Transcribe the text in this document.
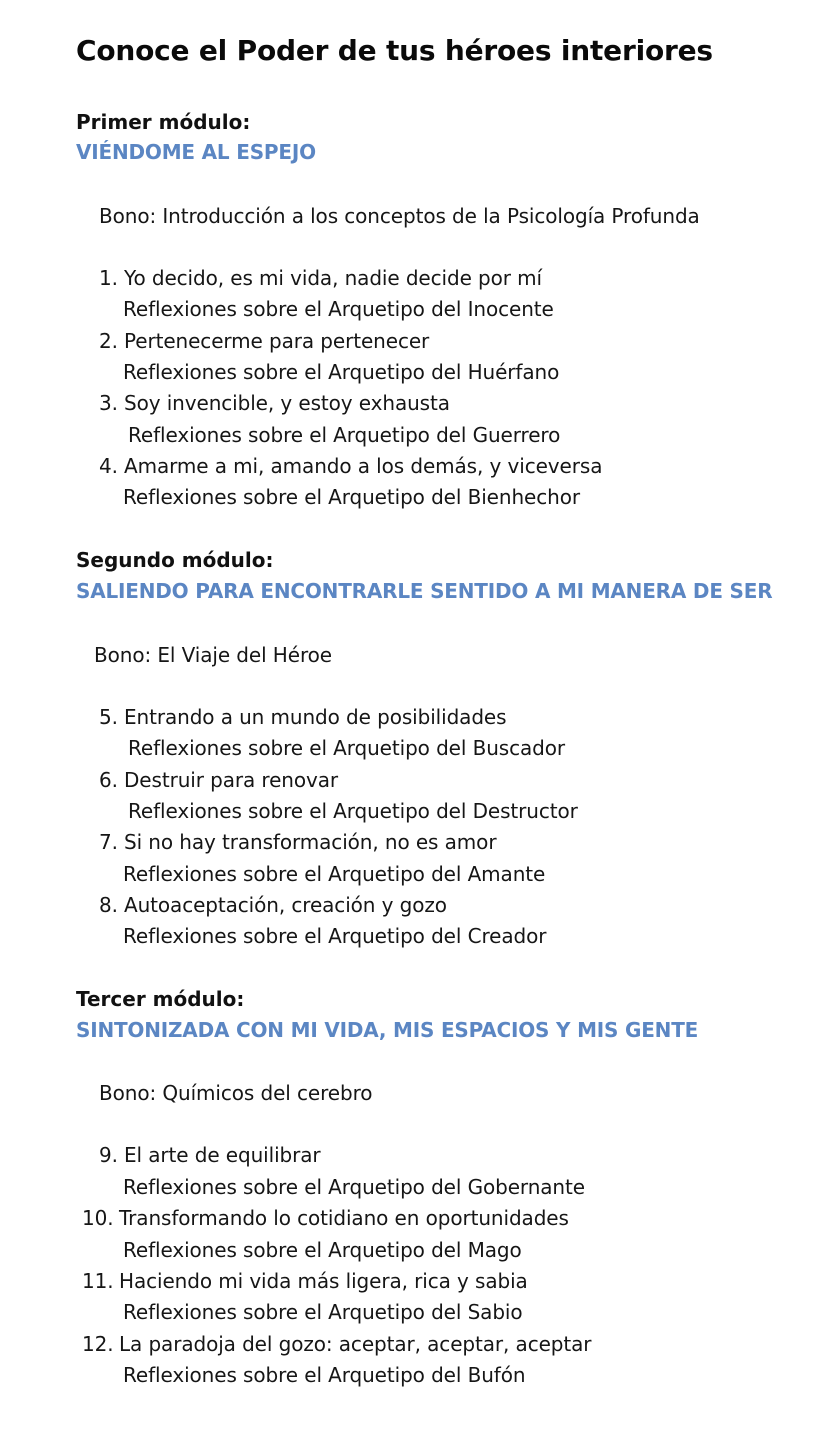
Conoce el Poder de tus héroes interiores
Primer módulo:
VIÉNDOME AL ESPEJO
Bono: Introducción a los conceptos de la Psicología Profunda
1. Yo decido, es mi vida, nadie decide por mí
Reflexiones sobre el Arquetipo del Inocente
2. Pertenecerme para pertenecer
Reflexiones sobre el Arquetipo del Huérfano
3. Soy invencible, y estoy exhausta
Reflexiones sobre el Arquetipo del Guerrero
4. Amarme a mi, amando a los demás, y viceversa
Reflexiones sobre el Arquetipo del Bienhechor
Segundo módulo:
SALIENDO PARA ENCONTRARLE SENTIDO A MI MANERA DE SER
Bono: El Viaje del Héroe
5. Entrando a un mundo de posibilidades
Reflexiones sobre el Arquetipo del Buscador
6. Destruir para renovar
Reflexiones sobre el Arquetipo del Destructor
7. Si no hay transformación, no es amor
Reflexiones sobre el Arquetipo del Amante
8. Autoaceptación, creación y gozo
Reflexiones sobre el Arquetipo del Creador
Tercer módulo:
SINTONIZADA CON MI VIDA, MIS ESPACIOS Y MIS GENTE
Bono: Químicos del cerebro
9. El arte de equilibrar
Reflexiones sobre el Arquetipo del Gobernante
10. Transformando lo cotidiano en oportunidades
Reflexiones sobre el Arquetipo del Mago
11. Haciendo mi vida más ligera, rica y sabia
Reflexiones sobre el Arquetipo del Sabio
12. La paradoja del gozo: aceptar, aceptar, aceptar
Reflexiones sobre el Arquetipo del Bufón
